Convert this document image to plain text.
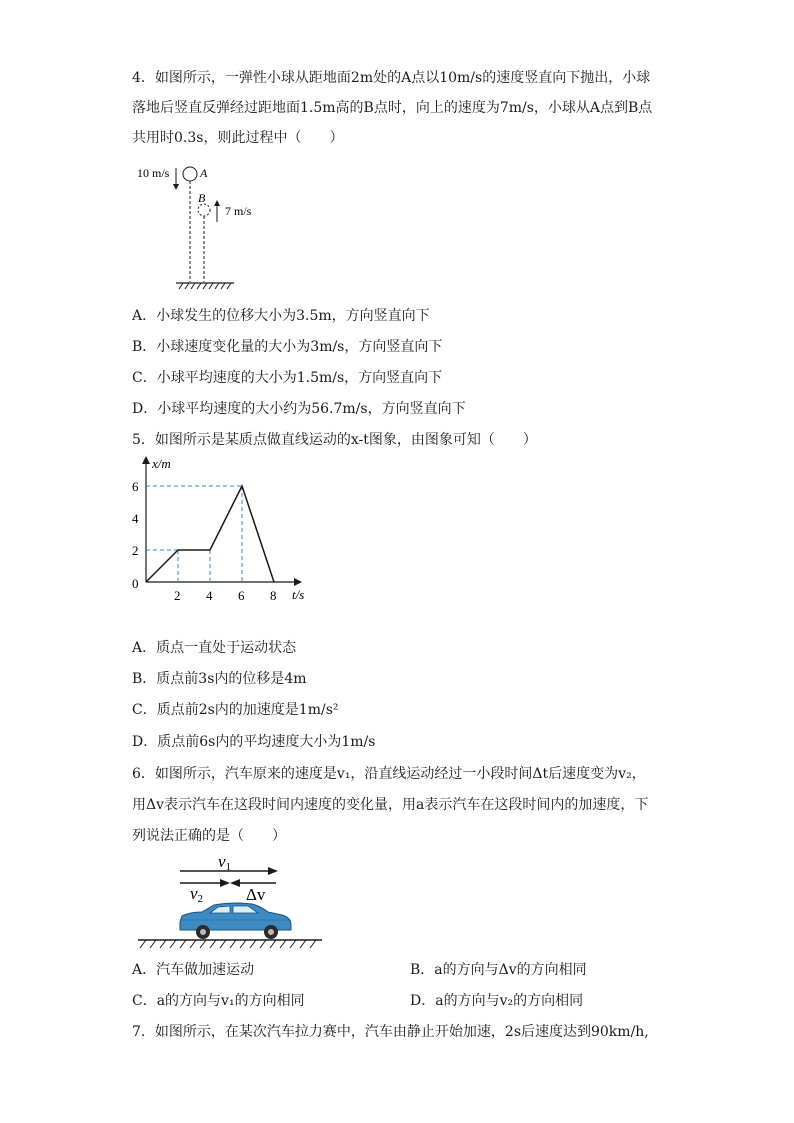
4．如图所示，一弹性小球从距地面2m处的A点以10m/s的速度竖直向下抛出，小球
落地后竖直反弹经过距地面1.5m高的B点时，向上的速度为7m/s，小球从A点到B点
共用时0.3s，则此过程中（　　）
10 m/s	A
B
7 m/s
A．小球发生的位移大小为3.5m，方向竖直向下
B．小球速度变化量的大小为3m/s，方向竖直向下
C．小球平均速度的大小为1.5m/s，方向竖直向下
D．小球平均速度的大小约为56.7m/s，方向竖直向下
5．如图所示是某质点做直线运动的x-t图象，由图象可知（　　）
x/m
t/s
0
2 4 6 8
2
4
6
A．质点一直处于运动状态
B．质点前3s内的位移是4m
C．质点前2s内的加速度是1m/s²
D．质点前6s内的平均速度大小为1m/s
6．如图所示，汽车原来的速度是v₁，沿直线运动经过一小段时间Δt后速度变为v₂，
用Δv表示汽车在这段时间内速度的变化量，用a表示汽车在这段时间内的加速度，下
列说法正确的是（　　）
v1
v2	Δv
A．汽车做加速运动	B．a的方向与Δv的方向相同
C．a的方向与v₁的方向相同	D．a的方向与v₂的方向相同
7．如图所示，在某次汽车拉力赛中，汽车由静止开始加速，2s后速度达到90km/h,
